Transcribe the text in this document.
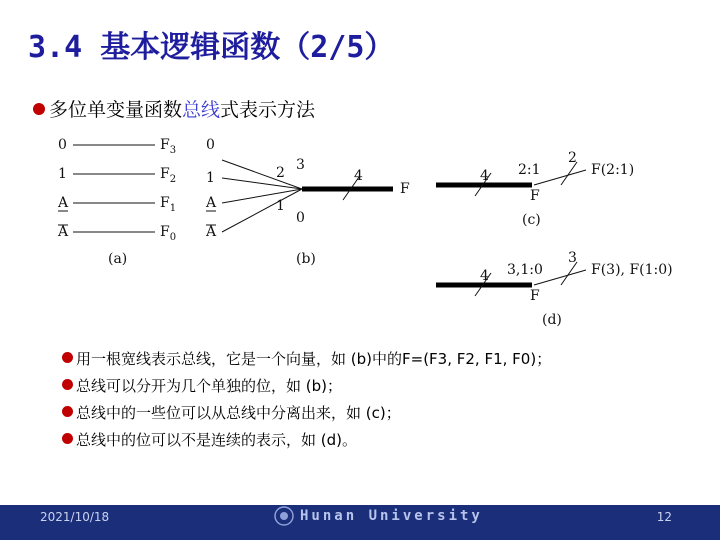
3.4 基本逻辑函数（2/5）
多位单变量函数总线式表示方法
0
1
A
A
$F_3$
$F_2$
$F_1$
$F_0$
(a)
0
1
A
A
3
2
1
0
4
F
(b)
4 2:1
2
F(2:1)
F
(c)
4 3,1:0
3
F(3), F(1:0)
F
(d)
用一根宽线表示总线，它是一个向量，如 (b)中的F=(F3, F2, F1, F0)；
总线可以分开为几个单独的位，如 (b)；
总线中的一些位可以从总线中分离出来，如 (c)；
总线中的位可以不是连续的表示，如 (d)。
2021/10/18	Hunan University	12
